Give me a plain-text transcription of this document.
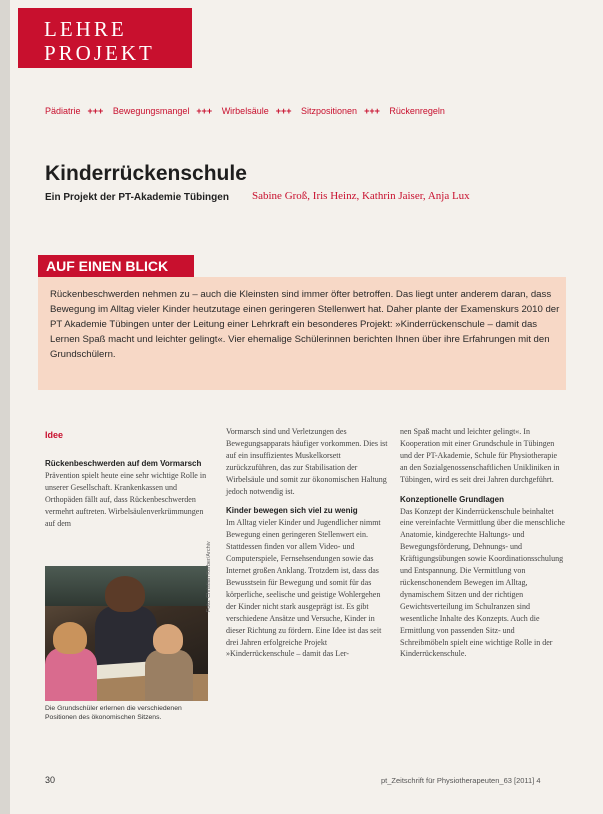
LEHRE
PROJEKT
Pädiatrie +++ Bewegungsmangel +++ Wirbelsäule +++ Sitzpositionen +++ Rückenregeln
Kinderrückenschule
Ein Projekt der PT-Akademie Tübingen Sabine Groß, Iris Heinz, Kathrin Jaiser, Anja Lux
AUF EINEN BLICK

Rückenbeschwerden nehmen zu – auch die Kleinsten sind immer öfter betroffen. Das liegt unter anderem daran, dass Bewegung im Alltag vieler Kinder heutzutage einen geringeren Stellenwert hat. Daher plante der Examenskurs 2010 der PT Akademie Tübingen unter der Leitung einer Lehrkraft ein besonderes Projekt: »Kinderrückenschule – damit das Lernen Spaß macht und leichter gelingt«. Vier ehemalige Schülerinnen berichten Ihnen über ihre Erfahrungen mit den Grundschülern.

Idee
Rückenbeschwerden auf dem Vormarsch

Prävention spielt heute eine sehr wichtige Rolle in unserer Gesellschaft. Krankenkassen und Orthopäden fällt auf, dass Rückenbeschwerden vermehrt auftreten. Wirbelsäulenverkrümmungen auf dem

Foto: Christian Kerber/Archiv
Die Grundschüler erlernen die verschiedenen Positionen des ökonomischen Sitzens.

Vormarsch sind und Verletzungen des Bewegungsapparats häufiger vorkommen. Dies ist auf ein insuffizientes Muskelkorsett zurückzuführen, das zur Stabilisation der Wirbelsäule und somit zur ökonomischen Haltung jedoch notwendig ist.

Kinder bewegen sich viel zu wenig

Im Alltag vieler Kinder und Jugendlicher nimmt Bewegung einen geringeren Stellenwert ein. Stattdessen finden vor allem Video- und Computerspiele, Fernsehsendungen sowie das Internet großen Anklang. Trotzdem ist, dass das Bewusstsein für Bewegung und somit für das körperliche, seelische und geistige Wohlergehen der Kinder nicht stark ausgeprägt ist. Es gibt verschiedene Ansätze und Versuche, Kinder in dieser Richtung zu fördern. Eine Idee ist das seit drei Jahren erfolgreiche Projekt »Kinderrückenschule – damit das Ler-

nen Spaß macht und leichter gelingt«. In Kooperation mit einer Grundschule in Tübingen und der PT-Akademie, Schule für Physiotherapie an den Sozialgenossenschaftlichen Unikliniken in Tübingen, wird es seit drei Jahren durchgeführt.

Konzeptionelle Grundlagen

Das Konzept der Kinderrückenschule beinhaltet eine vereinfachte Vermittlung über die menschliche Anatomie, kindgerechte Haltungs- und Bewegungsförderung, Dehnungs- und Kräftigungsübungen sowie Koordinationsschulung und Entspannung. Die Vermittlung von rückenschonendem Bewegen im Alltag, dynamischem Sitzen und der richtigen Gewichtsverteilung im Schulranzen sind wesentliche Inhalte des Konzepts. Auch die Ermittlung von passenden Sitz- und Schreibmöbeln spielt eine wichtige Rolle in der Kinderrückenschule.

30	pt_Zeitschrift für Physiotherapeuten_63 [2011] 4
